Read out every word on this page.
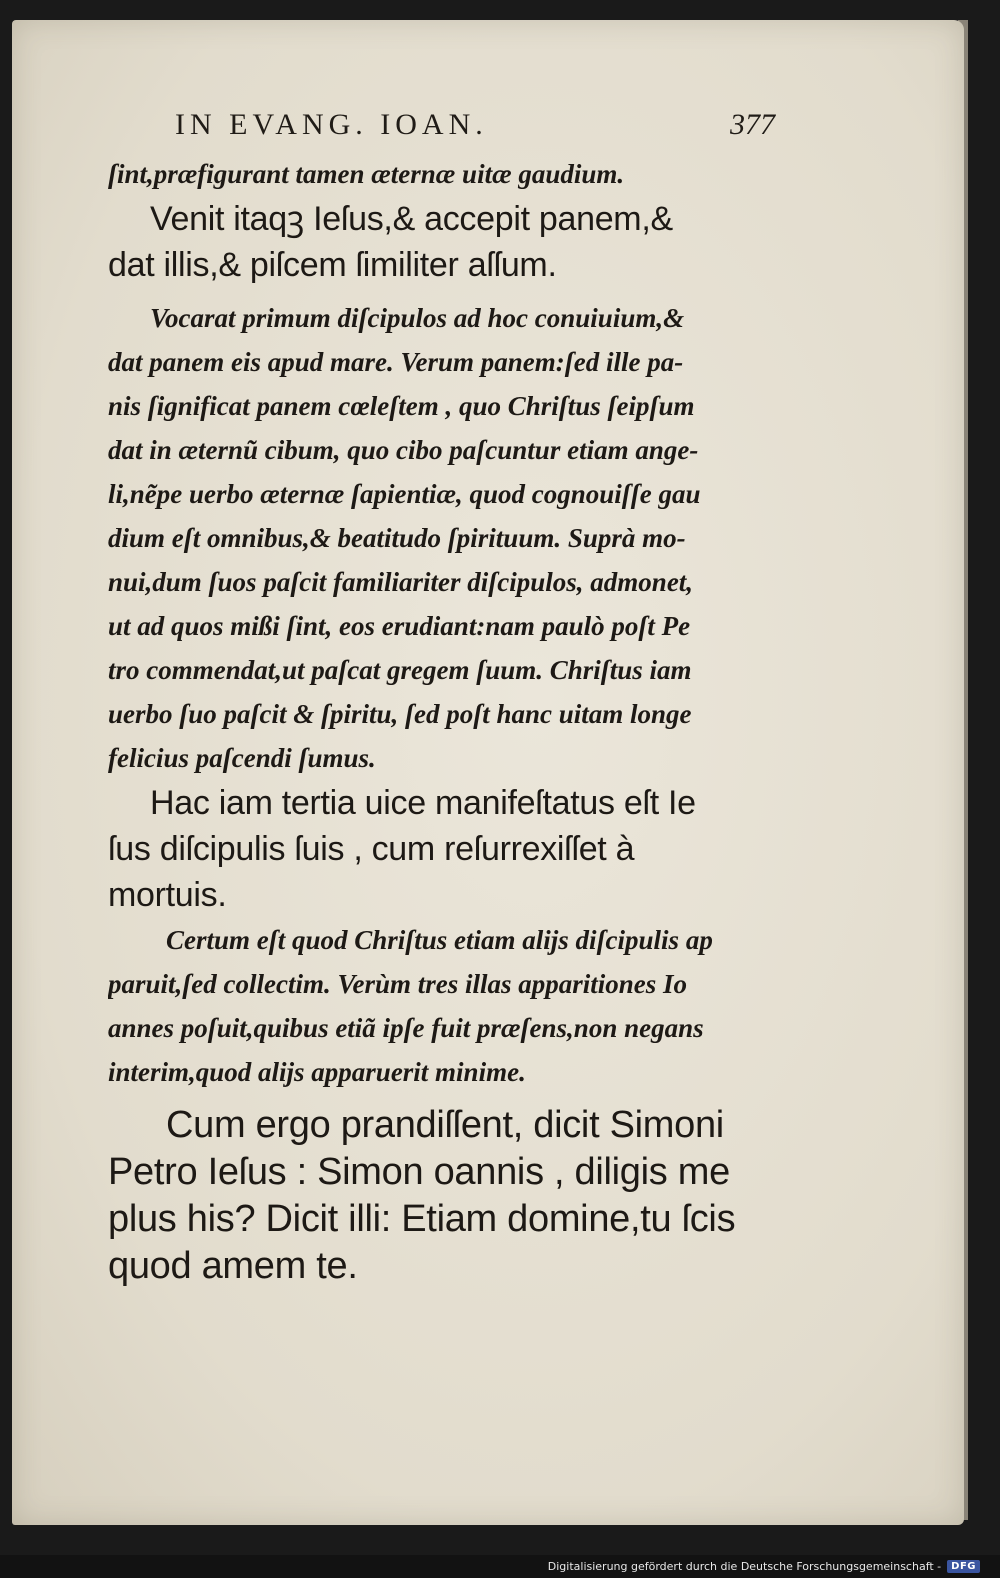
IN EVANG. IOAN.	377
ſint,præfigurant tamen æternæ uitæ gaudium.
Venit itaqꝫ Ieſus,& accepit panem,&
dat illis,& piſcem ſimiliter aſſum.
Vocarat primum diſcipulos ad hoc conuiuium,&
dat panem eis apud mare. Verum panem:ſed ille pa-
nis ſignificat panem cœleſtem , quo Chriſtus ſeipſum
dat in æternũ cibum, quo cibo paſcuntur etiam ange-
li,nẽpe uerbo æternæ ſapientiæ, quod cognouiſſe gau
dium eſt omnibus,& beatitudo ſpirituum. Suprà mo-
nui,dum ſuos paſcit familiariter diſcipulos, admonet,
ut ad quos mißi ſint, eos erudiant:nam paulò poſt Pe
tro commendat,ut paſcat gregem ſuum. Chriſtus iam
uerbo ſuo paſcit & ſpiritu, ſed poſt hanc uitam longe
felicius paſcendi ſumus.
Hac iam tertia uice manifeſtatus eſt Ie
ſus diſcipulis ſuis , cum reſurrexiſſet à
mortuis.
Certum eſt quod Chriſtus etiam alijs diſcipulis ap
paruit,ſed collectim. Verùm tres illas apparitiones Io
annes poſuit,quibus etiã ipſe fuit præſens,non negans
interim,quod alijs apparuerit minime.
Cum ergo prandiſſent, dicit Simoni
Petro Ieſus : Simon oannis , diligis me
plus his? Dicit illi: Etiam domine,tu ſcis
quod amem te.
Digitalisierung gefördert durch die Deutsche Forschungsgemeinschaft -	DFG
